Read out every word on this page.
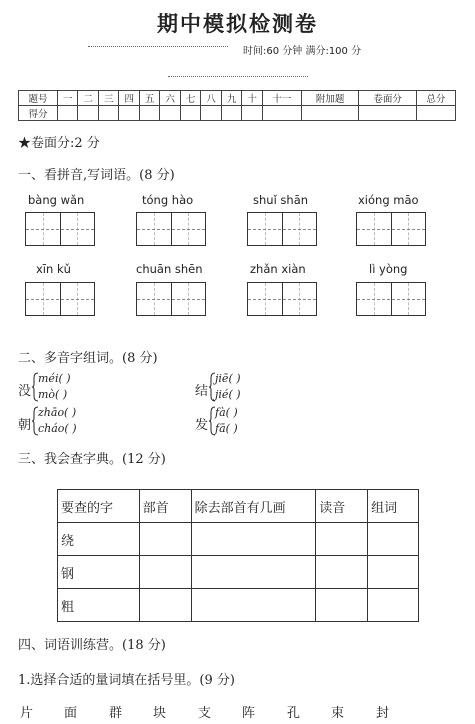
期中模拟检测卷
时间:60 分钟 满分:100 分
题号	一	二	三	四	五	六	七	八	九	十	十一	附加题	卷面分	总分
得分														
★卷面分:2 分
一、看拼音,写词语。(8 分)
bàng wǎn	tóng hào	shuǐ shān	xióng māo
xīn kǔ	chuān shēn	zhǎn xiàn	lì yòng
二、多音字组词。(8 分)
没
méi( )
mò( )	结
jiē( )
jié( )
朝
zhāo( )
cháo( )	发
fà( )
fā( )
三、我会查字典。(12 分)
要查的字	部首	除去部首有几画	读音	组词
绕				
钢				
粗				
四、词语训练营。(18 分)
1.选择合适的量词填在括号里。(9 分)
片 面 群 块 支 阵 孔 束 封
